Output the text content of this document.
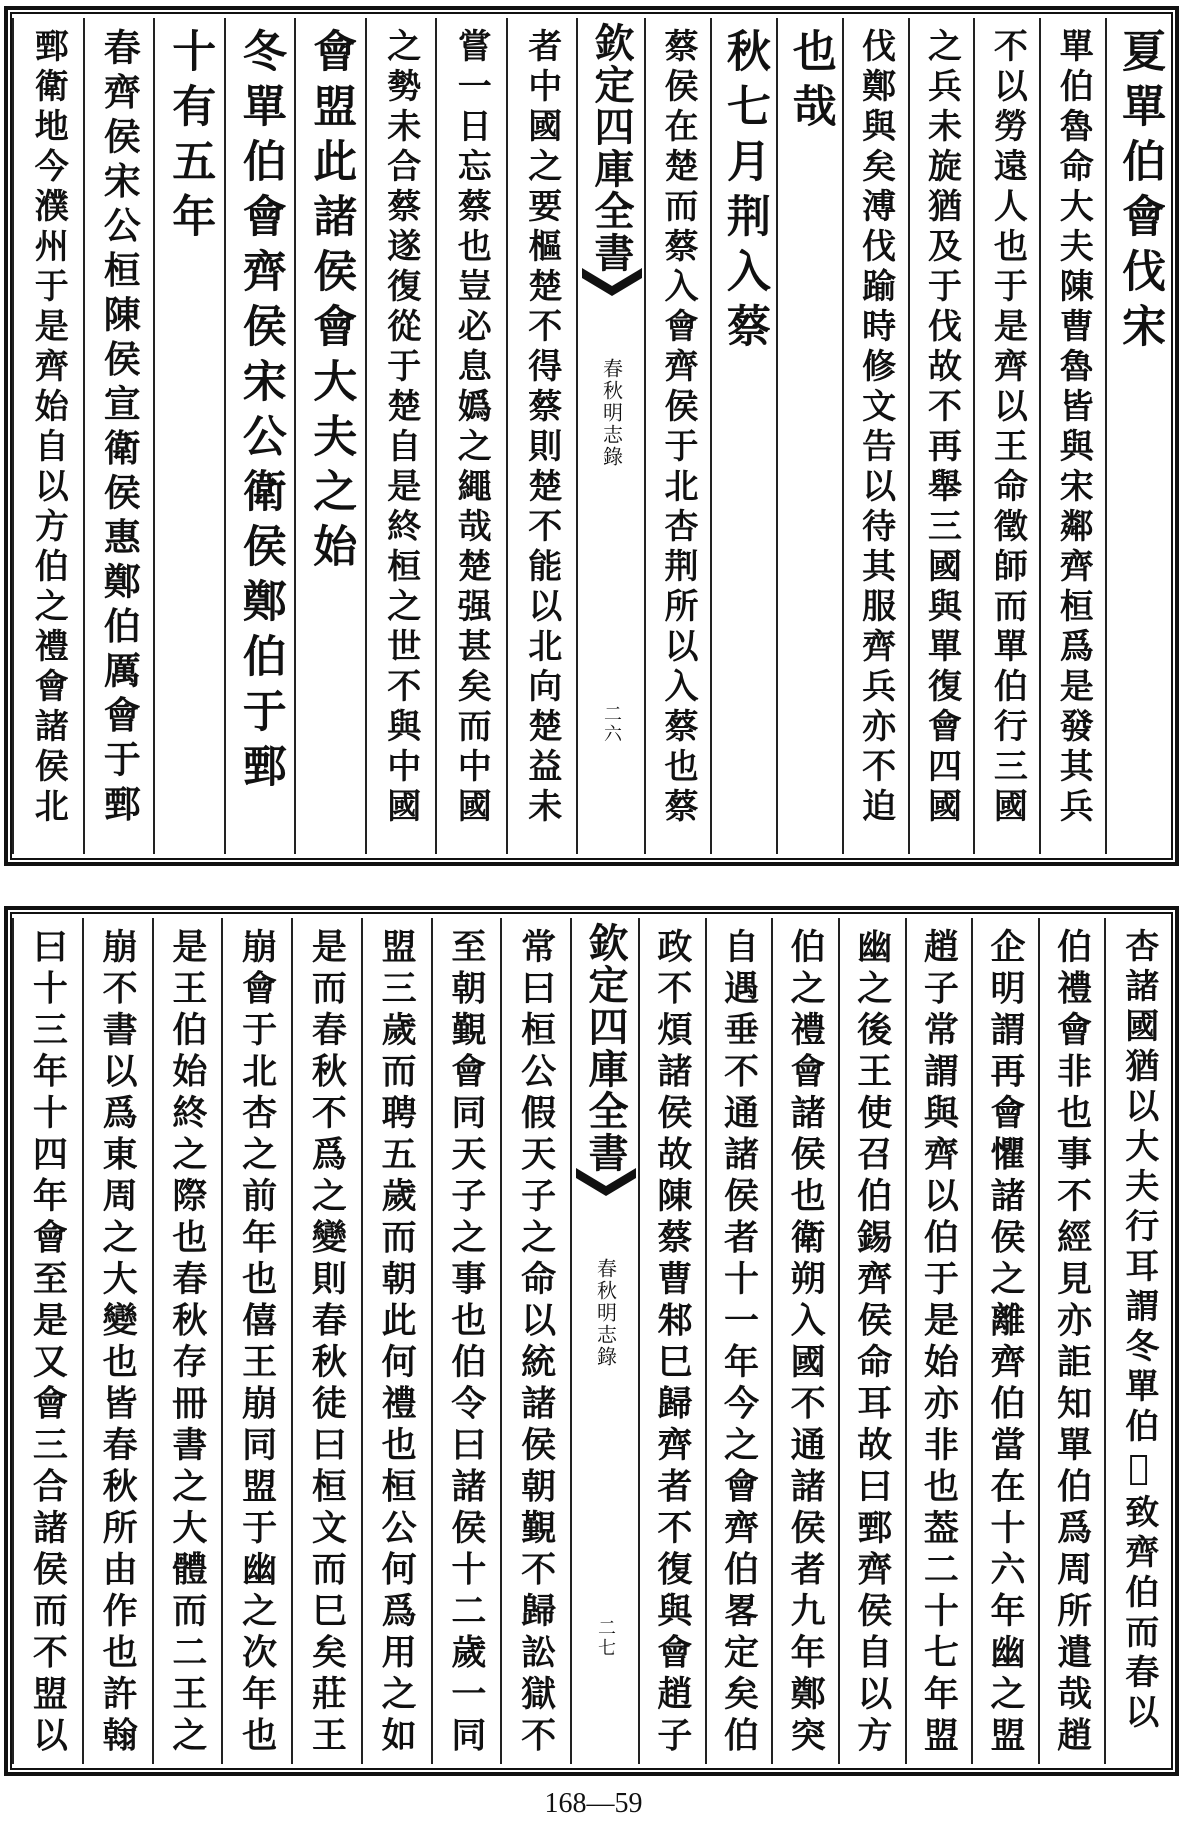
欽定四庫全書
春秋明志錄
二六
者中國之要樞楚不得蔡則楚不能以北向楚益未
嘗一日忘蔡也豈必息嬀之繩哉楚强甚矣而中國
之勢未合蔡遂復從于楚自是終桓之世不與中國
會盟此諸侯會大夫之始
冬單伯會齊侯宋公衛侯鄭伯于鄄
十有五年
春齊侯宋公桓陳侯宣衛侯惠鄭伯厲會于鄄
鄄衛地今濮州于是齊始自以方伯之禮會諸侯北	夏單伯會伐宋
單伯魯命大夫陳曹魯皆與宋鄰齊桓爲是發其兵
不以勞遠人也于是齊以王命徵師而單伯行三國
之兵未旋猶及于伐故不再舉三國與單復會四國
伐鄭與矣溥伐踰時修文告以待其服齊兵亦不迫
也哉
秋七月荆入蔡
蔡侯在楚而蔡入會齊侯于北杏荆所以入蔡也蔡
欽定四庫全書
春秋明志錄
二七
常曰桓公假天子之命以統諸侯朝覲不歸訟獄不
至朝覲會同天子之事也伯令曰諸侯十二歲一同
盟三歲而聘五歲而朝此何禮也桓公何爲用之如
是而春秋不爲之變則春秋徒曰桓文而巳矣莊王
崩會于北杏之前年也僖王崩同盟于幽之次年也
是王伯始終之際也春秋存冊書之大體而二王之
崩不書以爲東周之大變也皆春秋所由作也許翰
曰十三年十四年會至是又會三合諸侯而不盟以	杏諸國猶以大夫行耳謂冬單伯𥘉致齊伯而春以
伯禮會非也事不經見亦詎知單伯爲周所遣哉趙
企明謂再會懼諸侯之離齊伯當在十六年幽之盟
趙子常謂與齊以伯于是始亦非也葢二十七年盟
幽之後王使召伯錫齊侯命耳故曰鄄齊侯自以方
伯之禮會諸侯也衛朔入國不通諸侯者九年鄭突
自遇垂不通諸侯者十一年今之會齊伯畧定矣伯
政不煩諸侯故陳蔡曹邾巳歸齊者不復與會趙子
168—59
